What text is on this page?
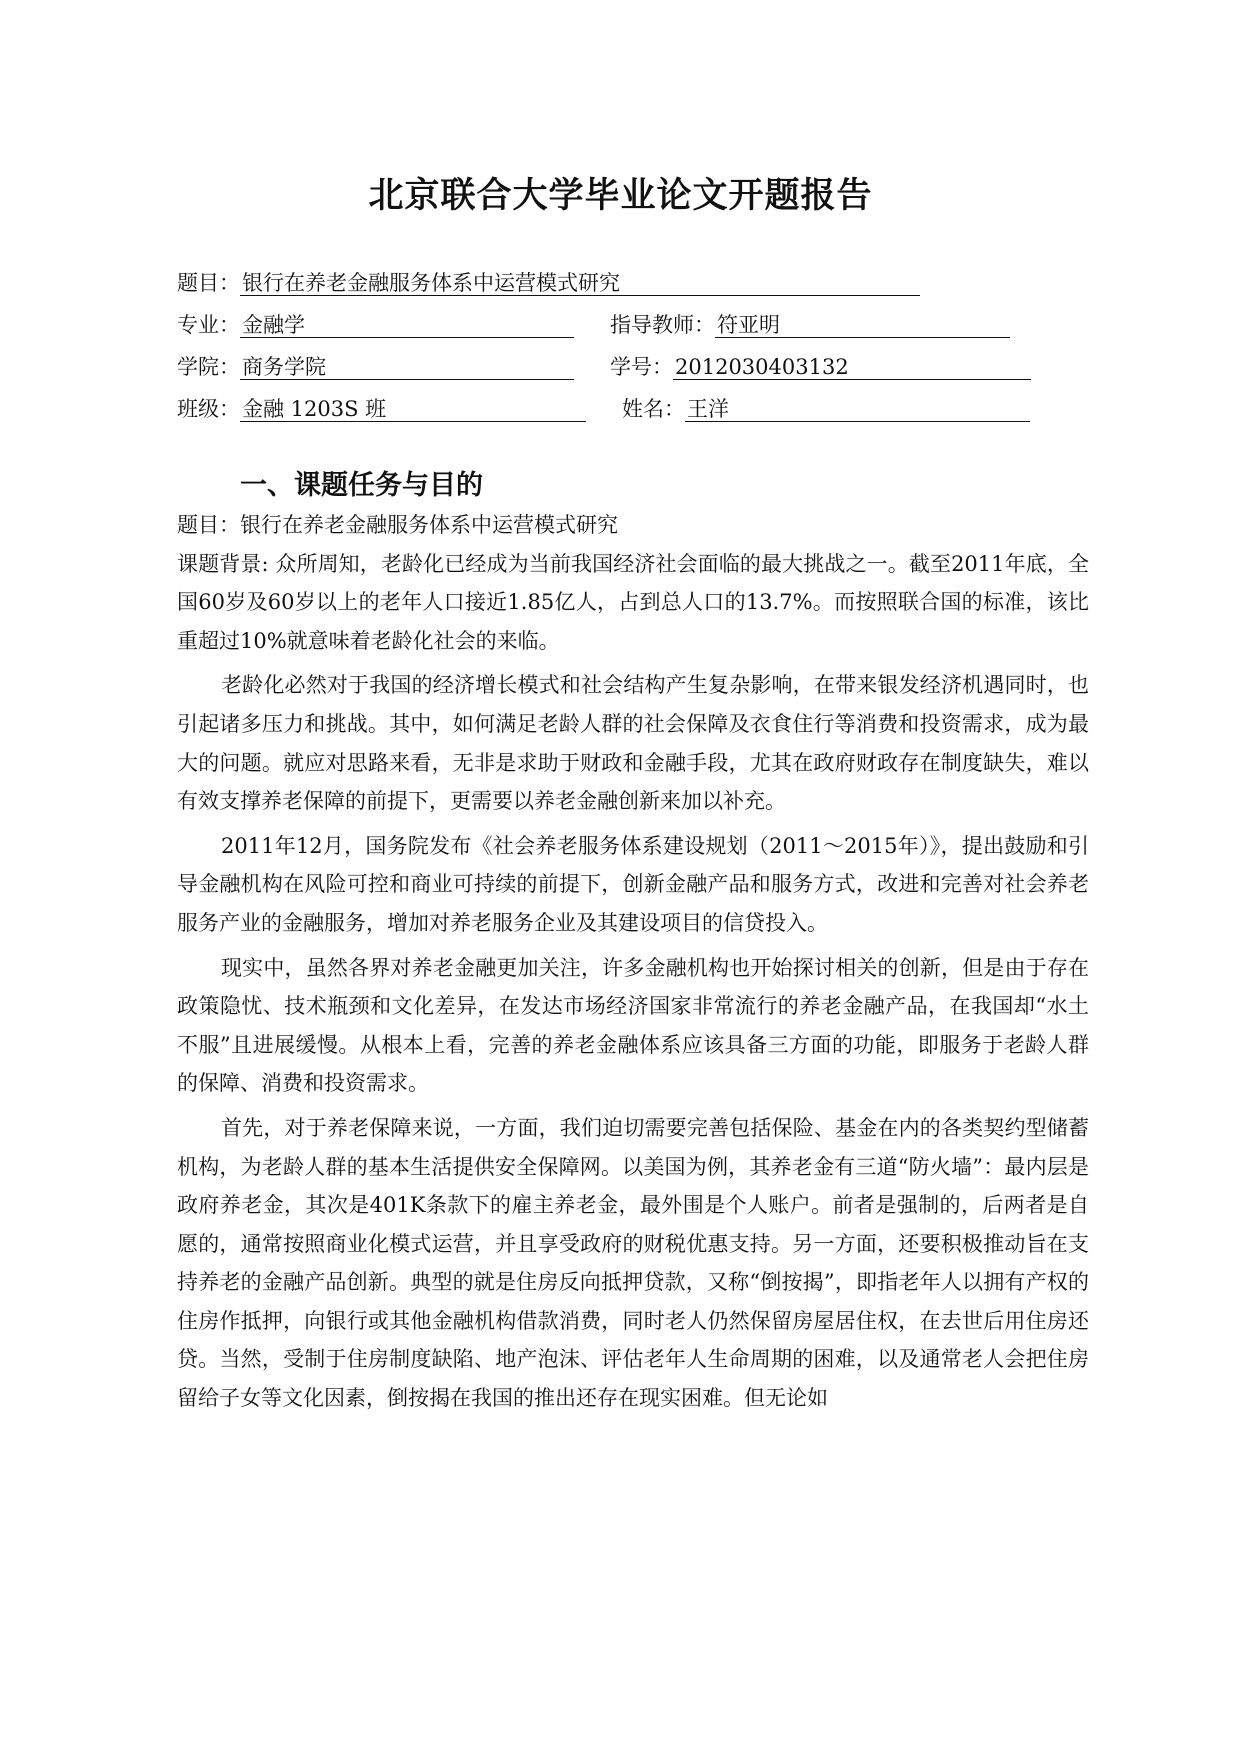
北京联合大学毕业论文开题报告
题目：银行在养老金融服务体系中运营模式研究
专业：金融学	指导教师：符亚明
学院：商务学院	学号：2012030403132
班级：金融 1203S 班	姓名：王洋
一、课题任务与目的

题目：银行在养老金融服务体系中运营模式研究

课题背景: 众所周知，老龄化已经成为当前我国经济社会面临的最大挑战之一。截至2011年底，全国60岁及60岁以上的老年人口接近1.85亿人，占到总人口的13.7%。而按照联合国的标准，该比重超过10%就意味着老龄化社会的来临。

老龄化必然对于我国的经济增长模式和社会结构产生复杂影响，在带来银发经济机遇同时，也引起诸多压力和挑战。其中，如何满足老龄人群的社会保障及衣食住行等消费和投资需求，成为最大的问题。就应对思路来看，无非是求助于财政和金融手段，尤其在政府财政存在制度缺失，难以有效支撑养老保障的前提下，更需要以养老金融创新来加以补充。

2011年12月，国务院发布《社会养老服务体系建设规划（2011～2015年）》，提出鼓励和引导金融机构在风险可控和商业可持续的前提下，创新金融产品和服务方式，改进和完善对社会养老服务产业的金融服务，增加对养老服务企业及其建设项目的信贷投入。

现实中，虽然各界对养老金融更加关注，许多金融机构也开始探讨相关的创新，但是由于存在政策隐忧、技术瓶颈和文化差异，在发达市场经济国家非常流行的养老金融产品，在我国却“水土不服”且进展缓慢。从根本上看，完善的养老金融体系应该具备三方面的功能，即服务于老龄人群的保障、消费和投资需求。

首先，对于养老保障来说，一方面，我们迫切需要完善包括保险、基金在内的各类契约型储蓄机构，为老龄人群的基本生活提供安全保障网。以美国为例，其养老金有三道“防火墙”：最内层是政府养老金，其次是401K条款下的雇主养老金，最外围是个人账户。前者是强制的，后两者是自愿的，通常按照商业化模式运营，并且享受政府的财税优惠支持。另一方面，还要积极推动旨在支持养老的金融产品创新。典型的就是住房反向抵押贷款，又称“倒按揭”，即指老年人以拥有产权的住房作抵押，向银行或其他金融机构借款消费，同时老人仍然保留房屋居住权，在去世后用住房还贷。当然，受制于住房制度缺陷、地产泡沫、评估老年人生命周期的困难，以及通常老人会把住房留给子女等文化因素，倒按揭在我国的推出还存在现实困难。但无论如
